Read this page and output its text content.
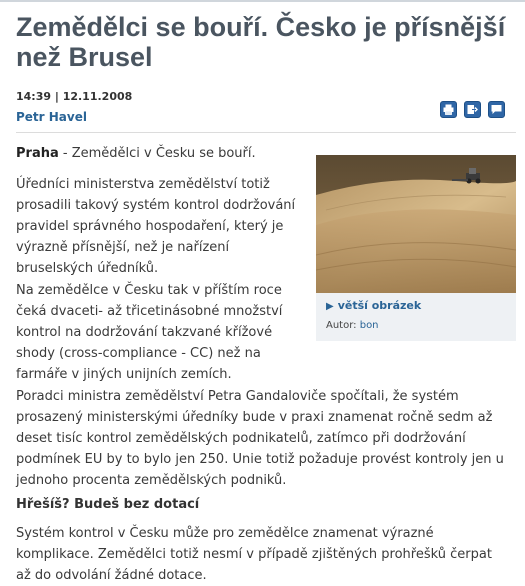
Zemědělci se bouří. Česko je přísnější než Brusel
14:39 | 12.11.2008
Petr Havel

Praha - Zemědělci v Česku se bouří.

Úředníci ministerstva zemědělství totiž prosadili takový systém kontrol dodržování pravidel správného hospodaření, který je výrazně přísnější, než je nařízení bruselských úředníků.

Na zemědělce v Česku tak v příštím roce čeká dvaceti- až třicetinásobné množství kontrol na dodržování takzvané křížové shody (cross-compliance - CC) než na farmáře v jiných unijních zemích.

Poradci ministra zemědělství Petra Gandaloviče spočítali, že systém prosazený ministerskými úředníky bude v praxi znamenat ročně sedm až deset tisíc kontrol zemědělských podnikatelů, zatímco při dodržování podmínek EU by to bylo jen 250. Unie totiž požaduje provést kontroly jen u jednoho procenta zemědělských podniků.

▶ větší obrázek
Autor: bon
Hřešíš? Budeš bez dotací

Systém kontrol v Česku může pro zemědělce znamenat výrazné komplikace. Zemědělci totiž nesmí v případě zjištěných prohřešků čerpat až do odvolání žádné dotace.
